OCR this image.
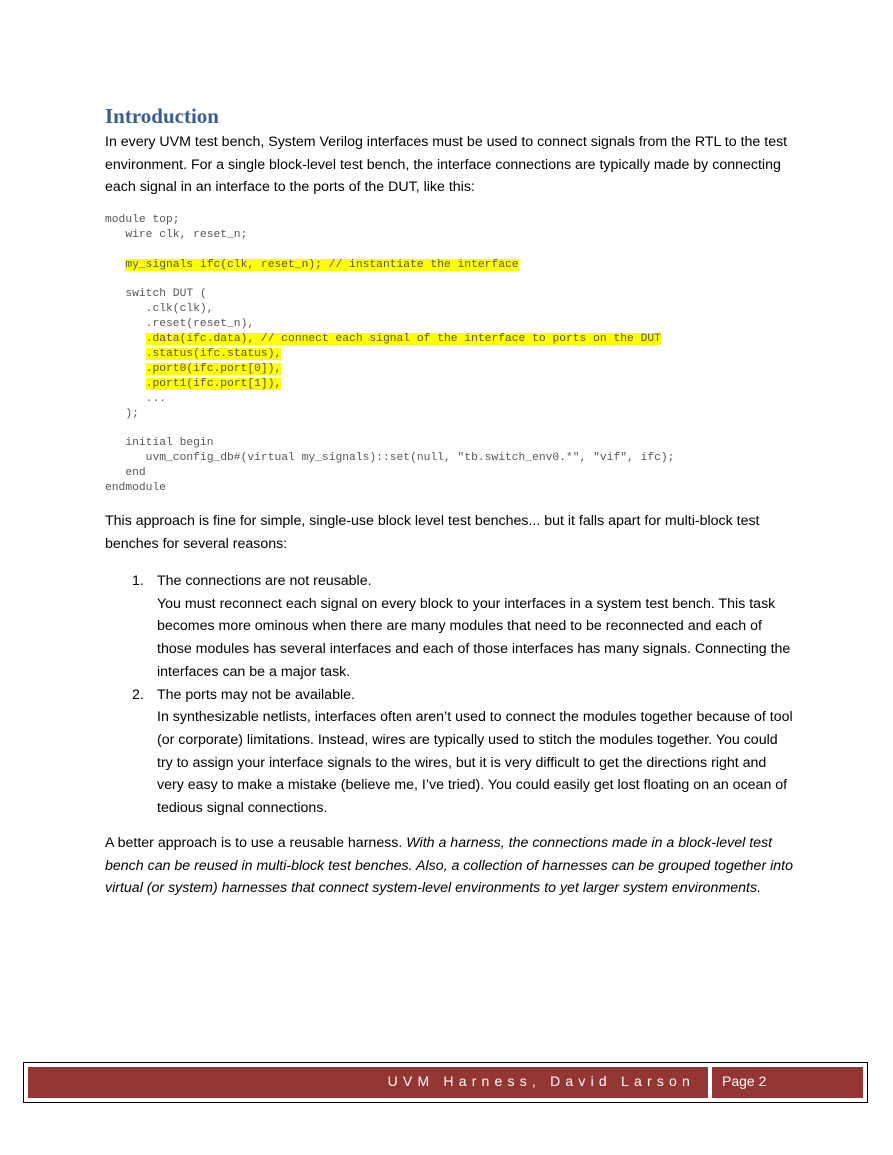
Introduction

In every UVM test bench, System Verilog interfaces must be used to connect signals from the RTL to the test environment. For a single block-level test bench, the interface connections are typically made by connecting each signal in an interface to the ports of the DUT, like this:

module top;
wire clk, reset_n;
my_signals ifc(clk, reset_n); // instantiate the interface
switch DUT (
.clk(clk),
.reset(reset_n),
.data(ifc.data), // connect each signal of the interface to ports on the DUT
.status(ifc.status),
.port0(ifc.port[0]),
.port1(ifc.port[1]),
...
);
initial begin
uvm_config_db#(virtual my_signals)::set(null, "tb.switch_env0.*", "vif", ifc);
end
endmodule

This approach is fine for simple, single-use block level test benches... but it falls apart for multi-block test benches for several reasons:

1. The connections are not reusable.
You must reconnect each signal on every block to your interfaces in a system test bench. This task becomes more ominous when there are many modules that need to be reconnected and each of those modules has several interfaces and each of those interfaces has many signals. Connecting the interfaces can be a major task.
2. The ports may not be available.
In synthesizable netlists, interfaces often aren’t used to connect the modules together because of tool (or corporate) limitations. Instead, wires are typically used to stitch the modules together. You could try to assign your interface signals to the wires, but it is very difficult to get the directions right and very easy to make a mistake (believe me, I’ve tried). You could easily get lost floating on an ocean of tedious signal connections.

A better approach is to use a reusable harness. With a harness, the connections made in a block-level test bench can be reused in multi-block test benches. Also, a collection of harnesses can be grouped together into virtual (or system) harnesses that connect system-level environments to yet larger system environments.

UVM Harness, David Larson Page 2
